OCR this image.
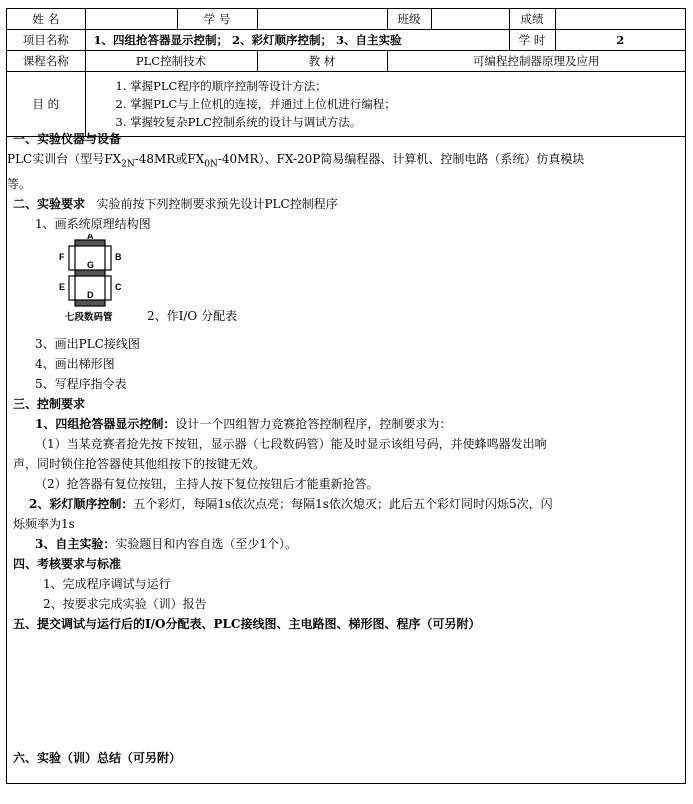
姓 名		学 号		班级		成绩	
项目名称	1、四组抢答器显示控制； 2、彩灯顺序控制； 3、自主实验					学 时	2
课程名称	PLC控制技术		教 材	可编程控制器原理及应用			
目 的	1. 掌握PLC程序的顺序控制等设计方法；
2. 掌握PLC与上位机的连接，并通过上位机进行编程；
3. 掌握较复杂PLC控制系统的设计与调试方法。						
一、实验仪器与设备
PLC实训台（型号$FX_{2N}-48MR$或$FX_{0N}-40MR$）、FX-20P简易编程器、计算机、控制电路（系统）仿真模块
等。
二、实验要求 实验前按下列控制要求预先设计PLC控制程序
1、画系统原理结构图
A
B
C
D
E
F
G
七段数码管	2、作I/O 分配表
3、画出PLC接线图
4、画出梯形图
5、写程序指令表
三、控制要求
1、四组抢答器显示控制：设计一个四组智力竞赛抢答控制程序，控制要求为：
（1）当某竞赛者抢先按下按钮，显示器（七段数码管）能及时显示该组号码，并使蜂鸣器发出响
声，同时锁住抢答器使其他组按下的按键无效。
（2）抢答器有复位按钮，主持人按下复位按钮后才能重新抢答。
2、彩灯顺序控制：五个彩灯，每隔1s依次点亮；每隔1s依次熄灭；此后五个彩灯同时闪烁5次，闪
烁频率为1s
3、自主实验：实验题目和内容自选（至少1个）。
四、考核要求与标准
1、完成程序调试与运行
2、按要求完成实验（训）报告
五、提交调试与运行后的I/O分配表、PLC接线图、主电路图、梯形图、程序（可另附）
六、实验（训）总结（可另附）
